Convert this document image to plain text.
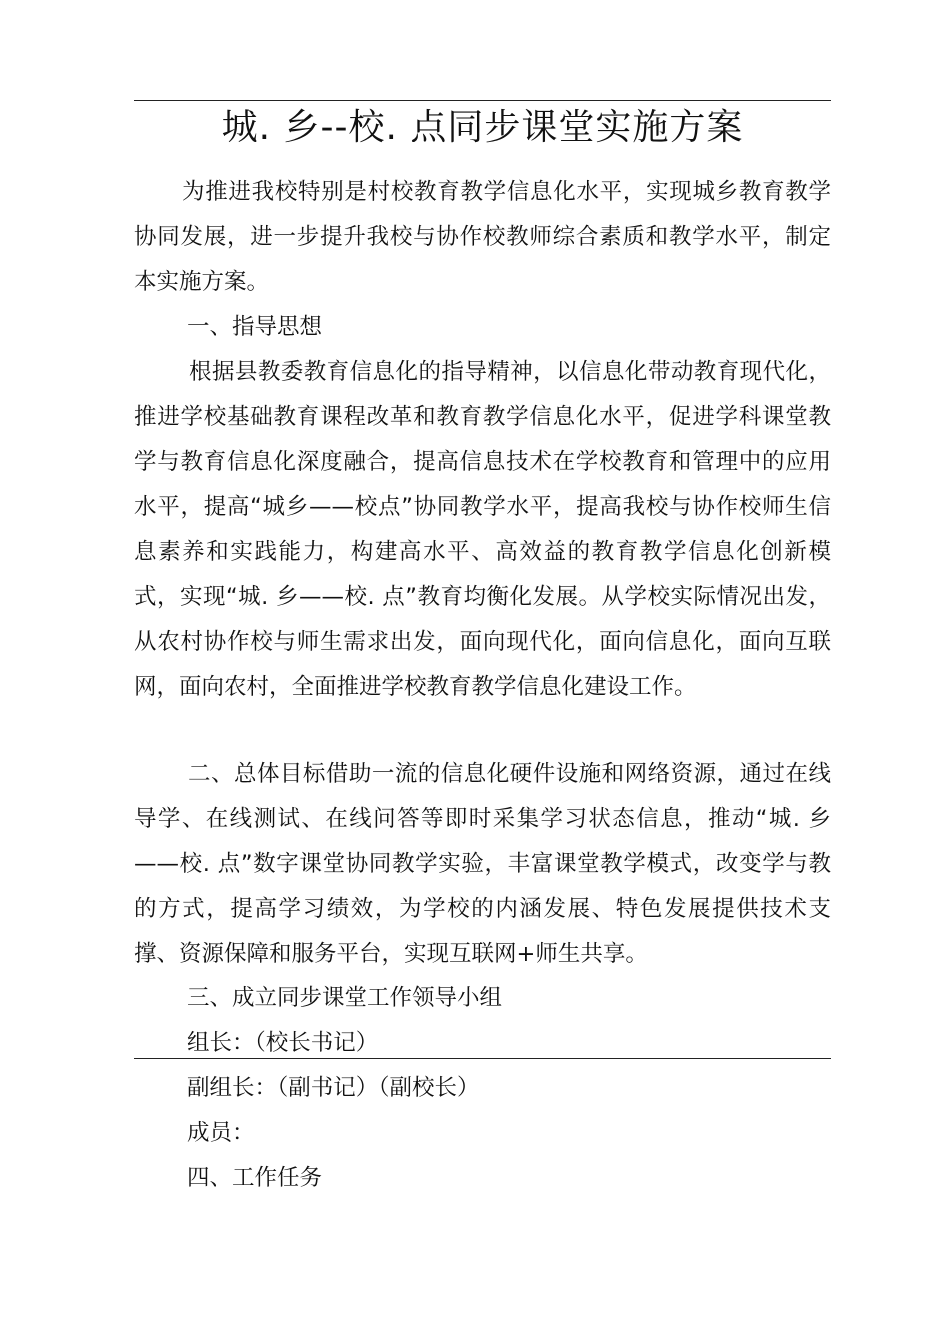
城. 乡--校. 点同步课堂实施方案

为推进我校特别是村校教育教学信息化水平，实现城乡教育教学协同发展，进一步提升我校与协作校教师综合素质和教学水平，制定本实施方案。

一、指导思想

根据县教委教育信息化的指导精神，以信息化带动教育现代化，推进学校基础教育课程改革和教育教学信息化水平，促进学科课堂教学与教育信息化深度融合，提高信息技术在学校教育和管理中的应用水平，提高“城乡——校点”协同教学水平，提高我校与协作校师生信息素养和实践能力，构建高水平、高效益的教育教学信息化创新模式，实现“城. 乡——校. 点”教育均衡化发展。从学校实际情况出发，从农村协作校与师生需求出发，面向现代化，面向信息化，面向互联网，面向农村，全面推进学校教育教学信息化建设工作。

二、总体目标借助一流的信息化硬件设施和网络资源，通过在线导学、在线测试、在线问答等即时采集学习状态信息，推动“城. 乡——校. 点”数字课堂协同教学实验，丰富课堂教学模式，改变学与教的方式，提高学习绩效，为学校的内涵发展、特色发展提供技术支撑、资源保障和服务平台，实现互联网+师生共享。

三、成立同步课堂工作领导小组

组长：（校长书记）

副组长：（副书记）（副校长）

成员：

四、工作任务
